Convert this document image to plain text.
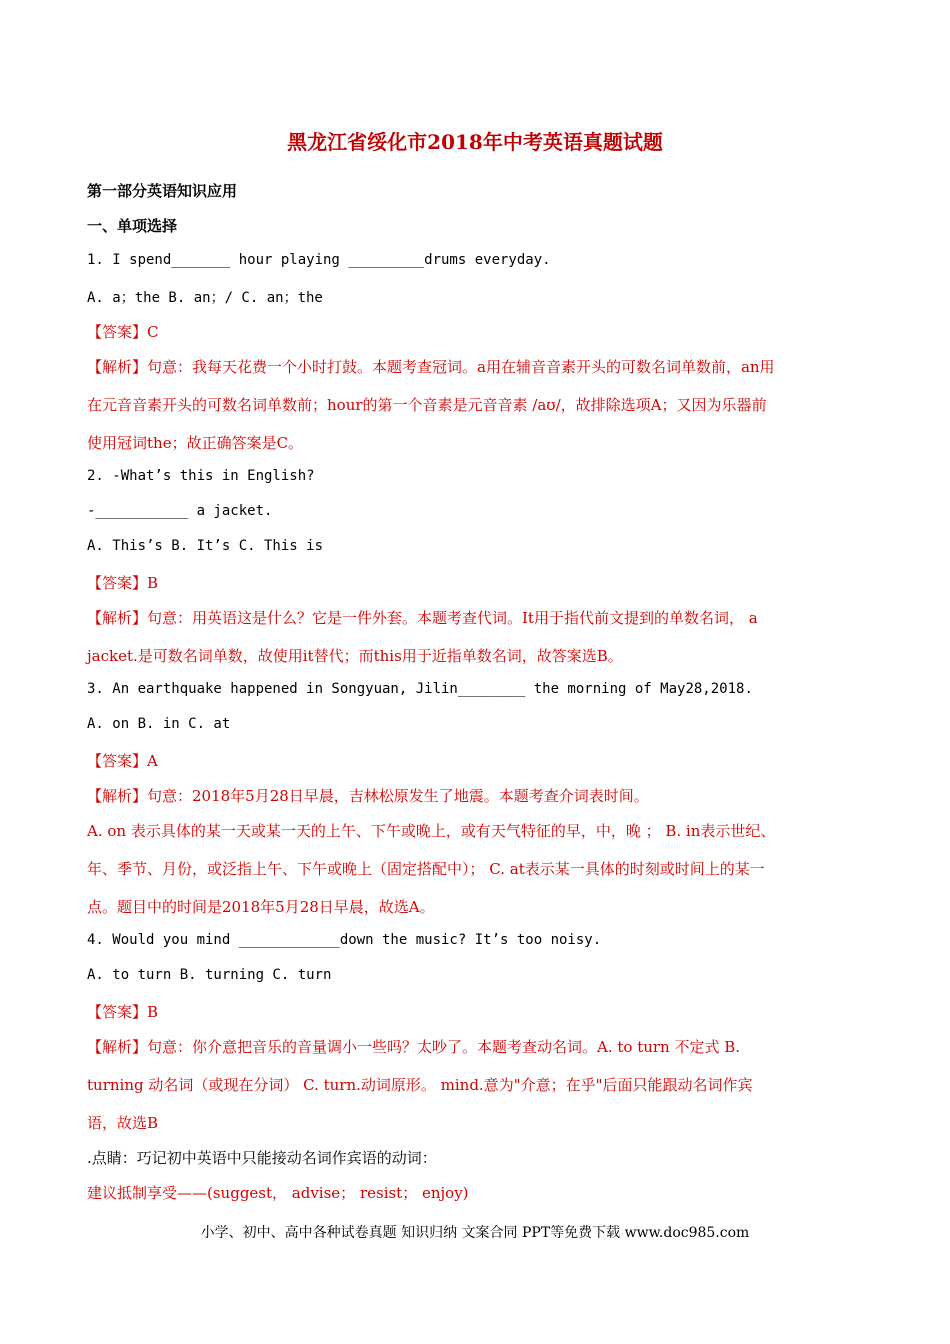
黑龙江省绥化市2018年中考英语真题试题
第一部分英语知识应用
一、单项选择
1. I spend_______ hour playing _________drums everyday.
A. a；the B. an；/ C. an；the
【答案】C
【解析】句意：我每天花费一个小时打鼓。本题考查冠词。a用在辅音音素开头的可数名词单数前，an用
在元音音素开头的可数名词单数前；hour的第一个音素是元音音素 /aʊ/，故排除选项A；又因为乐器前
使用冠词the；故正确答案是C。
2. -What’s this in English?
-___________ a jacket.
A. This’s B. It’s C. This is
【答案】B
【解析】句意：用英语这是什么？它是一件外套。本题考查代词。It用于指代前文提到的单数名词， a
jacket.是可数名词单数，故使用it替代；而this用于近指单数名词，故答案选B。
3. An earthquake happened in Songyuan, Jilin________ the morning of May28,2018.
A. on B. in C. at
【答案】A
【解析】句意：2018年5月28日早晨，吉林松原发生了地震。本题考查介词表时间。
A. on 表示具体的某一天或某一天的上午、下午或晚上，或有天气特征的早，中，晚 ； B. in表示世纪、
年、季节、月份，或泛指上午、下午或晚上（固定搭配中）； C. at表示某一具体的时刻或时间上的某一
点。题目中的时间是2018年5月28日早晨，故选A。
4. Would you mind ____________down the music? It’s too noisy.
A. to turn B. turning C. turn
【答案】B
【解析】句意：你介意把音乐的音量调小一些吗？太吵了。本题考查动名词。A. to turn 不定式 B.
turning 动名词（或现在分词） C. turn.动词原形。 mind.意为"介意；在乎"后面只能跟动名词作宾
语，故选B
.点睛：巧记初中英语中只能接动名词作宾语的动词：
建议抵制享受——(suggest， advise； resist； enjoy)
小学、初中、高中各种试卷真题 知识归纳 文案合同 PPT等免费下载 www.doc985.com
